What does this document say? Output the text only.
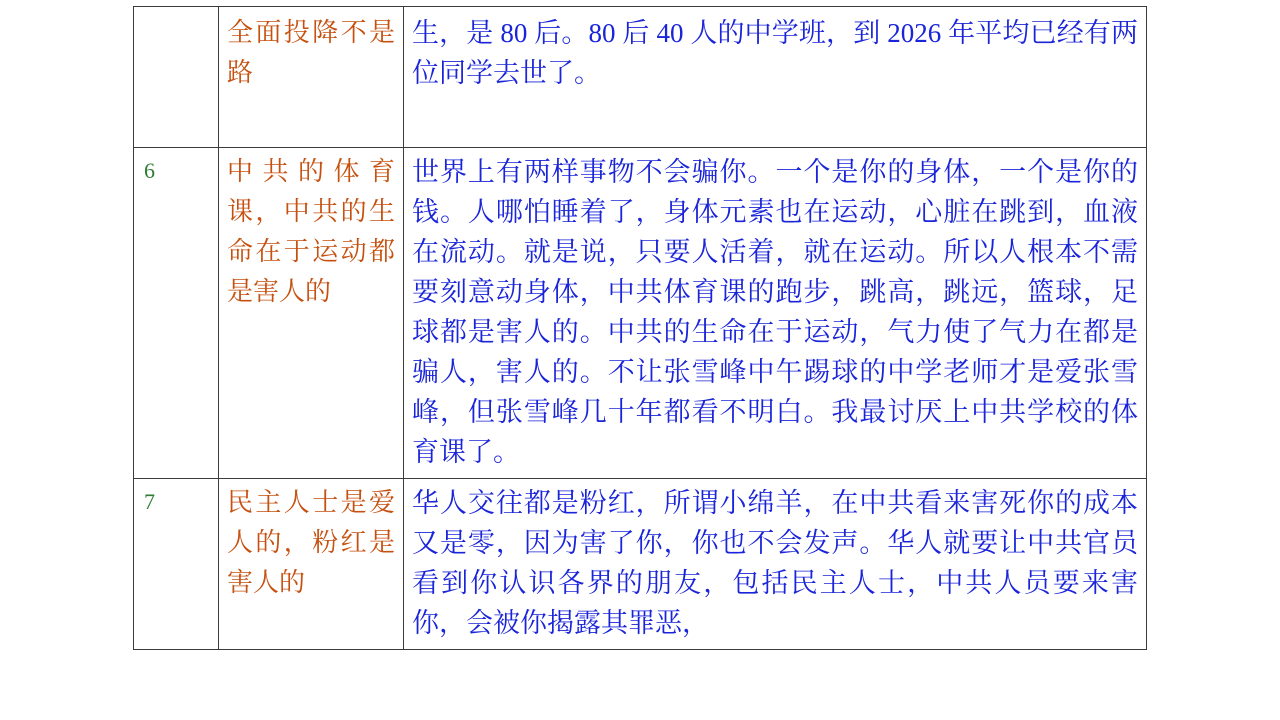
	全面投降不是路	生，是 80 后。80 后 40 人的中学班，到 2026 年平均已经有两位同学去世了。
6	中共的体育课，中共的生命在于运动都是害人的	世界上有两样事物不会骗你。一个是你的身体，一个是你的钱。人哪怕睡着了，身体元素也在运动，心脏在跳到，血液在流动。就是说，只要人活着，就在运动。所以人根本不需要刻意动身体，中共体育课的跑步，跳高，跳远，篮球，足球都是害人的。中共的生命在于运动，气力使了气力在都是骗人，害人的。不让张雪峰中午踢球的中学老师才是爱张雪峰，但张雪峰几十年都看不明白。我最讨厌上中共学校的体育课了。
7	民主人士是爱人的，粉红是害人的	华人交往都是粉红，所谓小绵羊，在中共看来害死你的成本又是零，因为害了你，你也不会发声。华人就要让中共官员看到你认识各界的朋友，包括民主人士，中共人员要来害你，会被你揭露其罪恶，
